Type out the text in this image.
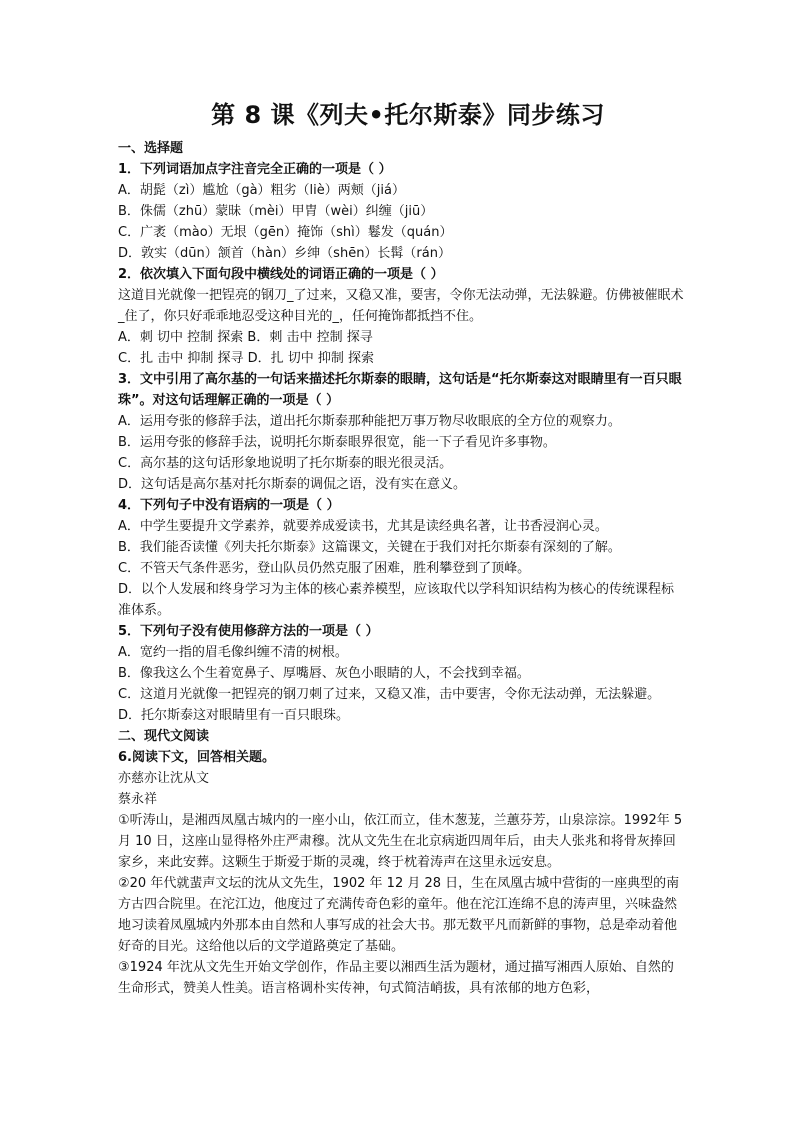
第 8 课《列夫•托尔斯泰》同步练习
一、选择题
1．下列词语加点字注音完全正确的一项是（ ）
A．胡髭（zì）尴尬（gà）粗劣（liè）两颊（jiá）
B．侏儒（zhū）蒙昧（mèi）甲胄（wèi）纠缠（jiū）
C．广袤（mào）无垠（gēn）掩饰（shì）鬈发（quán）
D．敦实（dūn）颔首（hàn）乡绅（shēn）长髯（rán）
2．依次填入下面句段中横线处的词语正确的一项是（ ）
这道目光就像一把锃亮的钢刀_了过来，又稳又准，要害，令你无法动弹，无法躲避。仿佛被催眠术_住了，你只好乖乖地忍受这种目光的_，任何掩饰都抵挡不住。
A．刺 切中 控制 探索 B．刺 击中 控制 探寻
C．扎 击中 抑制 探寻 D．扎 切中 抑制 探索
3．文中引用了高尔基的一句话来描述托尔斯泰的眼睛，这句话是“托尔斯泰这对眼睛里有一百只眼珠”。对这句话理解正确的一项是（ ）
A．运用夸张的修辞手法，道出托尔斯泰那种能把万事万物尽收眼底的全方位的观察力。
B．运用夸张的修辞手法，说明托尔斯泰眼界很宽，能一下子看见许多事物。
C．高尔基的这句话形象地说明了托尔斯泰的眼光很灵活。
D．这句话是高尔基对托尔斯泰的调侃之语，没有实在意义。
4．下列句子中没有语病的一项是（ ）
A．中学生要提升文学素养，就要养成爱读书，尤其是读经典名著，让书香浸润心灵。
B．我们能否读懂《列夫托尔斯泰》这篇课文，关键在于我们对托尔斯泰有深刻的了解。
C．不管天气条件恶劣，登山队员仍然克服了困难，胜利攀登到了顶峰。
D．以个人发展和终身学习为主体的核心素养模型，应该取代以学科知识结构为核心的传统课程标准体系。
5．下列句子没有使用修辞方法的一项是（ ）
A．宽约一指的眉毛像纠缠不清的树根。
B．像我这么个生着宽鼻子、厚嘴唇、灰色小眼睛的人，不会找到幸福。
C．这道月光就像一把锃亮的钢刀刺了过来，又稳又准，击中要害，令你无法动弹，无法躲避。
D．托尔斯泰这对眼睛里有一百只眼珠。
二、现代文阅读
6.阅读下文，回答相关题。
亦慈亦让沈从文
蔡永祥
①听涛山，是湘西凤凰古城内的一座小山，依江而立，佳木葱茏，兰蕙芬芳，山泉淙淙。1992年 5 月 10 日，这座山显得格外庄严肃穆。沈从文先生在北京病逝四周年后，由夫人张兆和将骨灰捧回家乡，来此安葬。这颗生于斯爱于斯的灵魂，终于枕着涛声在这里永远安息。
②20 年代就蜚声文坛的沈从文先生，1902 年 12 月 28 日，生在凤凰古城中营街的一座典型的南方古四合院里。在沱江边，他度过了充满传奇色彩的童年。他在沱江连绵不息的涛声里，兴味盎然地习读着凤凰城内外那本由自然和人事写成的社会大书。那无数平凡而新鲜的事物，总是牵动着他好奇的目光。这给他以后的文学道路奠定了基础。
③1924 年沈从文先生开始文学创作，作品主要以湘西生活为题材，通过描写湘西人原始、自然的生命形式，赞美人性美。语言格调朴实传神，句式简洁峭拔，具有浓郁的地方色彩，
